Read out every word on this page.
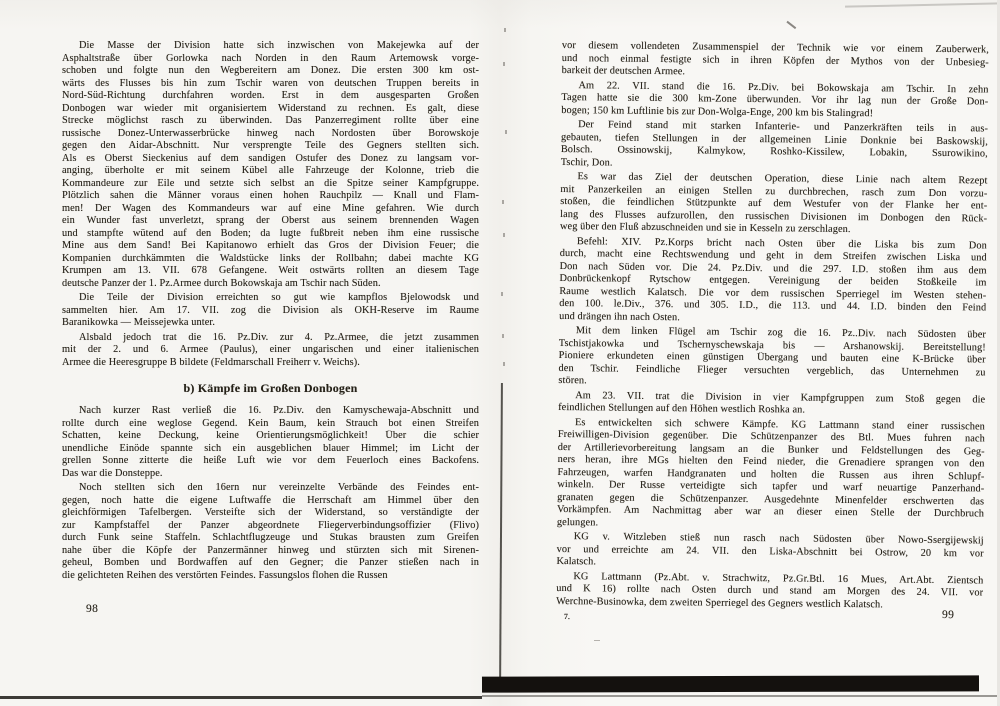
Die Masse der Division hatte sich inzwischen von Makejewka auf der
Asphaltstraße über Gorlowka nach Norden in den Raum Artemowsk vorge-
schoben und folgte nun den Wegbereitern am Donez. Die ersten 300 km ost-
wärts des Flusses bis hin zum Tschir waren von deutschen Truppen bereits in
Nord-Süd-Richtung durchfahren worden. Erst in dem ausgesparten Großen
Donbogen war wieder mit organisiertem Widerstand zu rechnen. Es galt, diese
Strecke möglichst rasch zu überwinden. Das Panzerregiment rollte über eine
russische Donez-Unterwasserbrücke hinweg nach Nordosten über Borowskoje
gegen den Aidar-Abschnitt. Nur versprengte Teile des Gegners stellten sich.
Als es Oberst Sieckenius auf dem sandigen Ostufer des Donez zu langsam vor-
anging, überholte er mit seinem Kübel alle Fahrzeuge der Kolonne, trieb die
Kommandeure zur Eile und setzte sich selbst an die Spitze seiner Kampfgruppe.
Plötzlich sahen die Männer voraus einen hohen Rauchpilz — Knall und Flam-
men! Der Wagen des Kommandeurs war auf eine Mine gefahren. Wie durch
ein Wunder fast unverletzt, sprang der Oberst aus seinem brennenden Wagen
und stampfte wütend auf den Boden; da lugte fußbreit neben ihm eine russische
Mine aus dem Sand! Bei Kapitanowo erhielt das Gros der Division Feuer; die
Kompanien durchkämmten die Waldstücke links der Rollbahn; dabei machte KG
Krumpen am 13. VII. 678 Gefangene. Weit ostwärts rollten an diesem Tage
deutsche Panzer der 1. Pz.Armee durch Bokowskaja am Tschir nach Süden.
Die Teile der Division erreichten so gut wie kampflos Bjelowodsk und
sammelten hier. Am 17. VII. zog die Division als OKH-Reserve im Raume
Baranikowka — Meissejewka unter.
Alsbald jedoch trat die 16. Pz.Div. zur 4. Pz.Armee, die jetzt zusammen
mit der 2. und 6. Armee (Paulus), einer ungarischen und einer italienischen
Armee die Heeresgruppe B bildete (Feldmarschall Freiherr v. Weichs).
b) Kämpfe im Großen Donbogen
Nach kurzer Rast verließ die 16. Pz.Div. den Kamyschewaja-Abschnitt und
rollte durch eine weglose Gegend. Kein Baum, kein Strauch bot einen Streifen
Schatten, keine Deckung, keine Orientierungsmöglichkeit! Über die schier
unendliche Einöde spannte sich ein ausgeblichen blauer Himmel; im Licht der
grellen Sonne zitterte die heiße Luft wie vor dem Feuerloch eines Backofens.
Das war die Donsteppe.
Noch stellten sich den 16ern nur vereinzelte Verbände des Feindes ent-
gegen, noch hatte die eigene Luftwaffe die Herrschaft am Himmel über den
gleichförmigen Tafelbergen. Versteifte sich der Widerstand, so verständigte der
zur Kampfstaffel der Panzer abgeordnete Fliegerverbindungsoffizier (Flivo)
durch Funk seine Staffeln. Schlachtflugzeuge und Stukas brausten zum Greifen
nahe über die Köpfe der Panzermänner hinweg und stürzten sich mit Sirenen-
geheul, Bomben und Bordwaffen auf den Gegner; die Panzer stießen nach in
die gelichteten Reihen des verstörten Feindes. Fassungslos flohen die Russen
98
vor diesem vollendeten Zusammenspiel der Technik wie vor einem Zauberwerk,
und noch einmal festigte sich in ihren Köpfen der Mythos von der Unbesieg-
barkeit der deutschen Armee.
Am 22. VII. stand die 16. Pz.Div. bei Bokowskaja am Tschir. In zehn
Tagen hatte sie die 300 km-Zone überwunden. Vor ihr lag nun der Große Don-
bogen; 150 km Luftlinie bis zur Don-Wolga-Enge, 200 km bis Stalingrad!
Der Feind stand mit starken Infanterie- und Panzerkräften teils in aus-
gebauten, tiefen Stellungen in der allgemeinen Linie Donknie bei Baskowskij,
Bolsch. Ossinowskij, Kalmykow, Roshko-Kissilew, Lobakin, Ssurowikino,
Tschir, Don.
Es war das Ziel der deutschen Operation, diese Linie nach altem Rezept
mit Panzerkeilen an einigen Stellen zu durchbrechen, rasch zum Don vorzu-
stoßen, die feindlichen Stützpunkte auf dem Westufer von der Flanke her ent-
lang des Flusses aufzurollen, den russischen Divisionen im Donbogen den Rück-
weg über den Fluß abzuschneiden und sie in Kesseln zu zerschlagen.
Befehl: XIV. Pz.Korps bricht nach Osten über die Liska bis zum Don
durch, macht eine Rechtswendung und geht in dem Streifen zwischen Liska und
Don nach Süden vor. Die 24. Pz.Div. und die 297. I.D. stoßen ihm aus dem
Donbrückenkopf Rytschow entgegen. Vereinigung der beiden Stoßkeile im
Raume westlich Kalatsch. Die vor dem russischen Sperriegel im Westen stehen-
den 100. le.Div., 376. und 305. I.D., die 113. und 44. I.D. binden den Feind
und drängen ihn nach Osten.
Mit dem linken Flügel am Tschir zog die 16. Pz..Div. nach Südosten über
Tschistjakowka und Tschernyschewskaja bis — Arshanowskij. Bereitstellung!
Pioniere erkundeten einen günstigen Übergang und bauten eine K-Brücke über
den Tschir. Feindliche Flieger versuchten vergeblich, das Unternehmen zu
stören.
Am 23. VII. trat die Division in vier Kampfgruppen zum Stoß gegen die
feindlichen Stellungen auf den Höhen westlich Roshka an.
Es entwickelten sich schwere Kämpfe. KG Lattmann stand einer russischen
Freiwilligen-Division gegenüber. Die Schützenpanzer des Btl. Mues fuhren nach
der Artillerievorbereitung langsam an die Bunker und Feldstellungen des Geg-
ners heran, ihre MGs hielten den Feind nieder, die Grenadiere sprangen von den
Fahrzeugen, warfen Handgranaten und holten die Russen aus ihren Schlupf-
winkeln. Der Russe verteidigte sich tapfer und warf neuartige Panzerhand-
granaten gegen die Schützenpanzer. Ausgedehnte Minenfelder erschwerten das
Vorkämpfen. Am Nachmittag aber war an dieser einen Stelle der Durchbruch
gelungen.
KG v. Witzleben stieß nun rasch nach Südosten über Nowo-Ssergijewskij
vor und erreichte am 24. VII. den Liska-Abschnitt bei Ostrow, 20 km vor
Kalatsch.
KG Lattmann (Pz.Abt. v. Strachwitz, Pz.Gr.Btl. 16 Mues, Art.Abt. Zientsch
und K 16) rollte nach Osten durch und stand am Morgen des 24. VII. vor
Werchne-Businowka, dem zweiten Sperriegel des Gegners westlich Kalatsch.
7.	99
